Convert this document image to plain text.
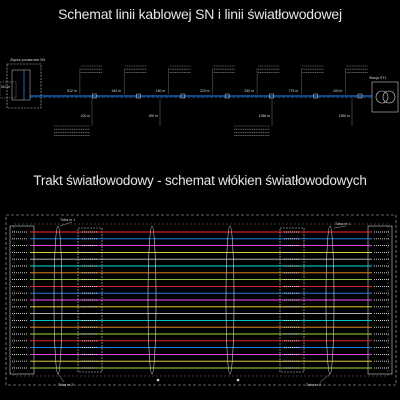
Schemat linii kablowej SN i linii światłowodowej
Trakt światłowodowy - schemat włókien światłowodowych
Złącze pomiarowe SN
510 m
512 m	340 m	160 m	220 m	330 m	775 m	430 m
100 m	490 m	1086 m	1550 m
Stacja ST1
Tuba nr 1
Tuba nr 1
Tuba nr 2	Tuba nr 2
